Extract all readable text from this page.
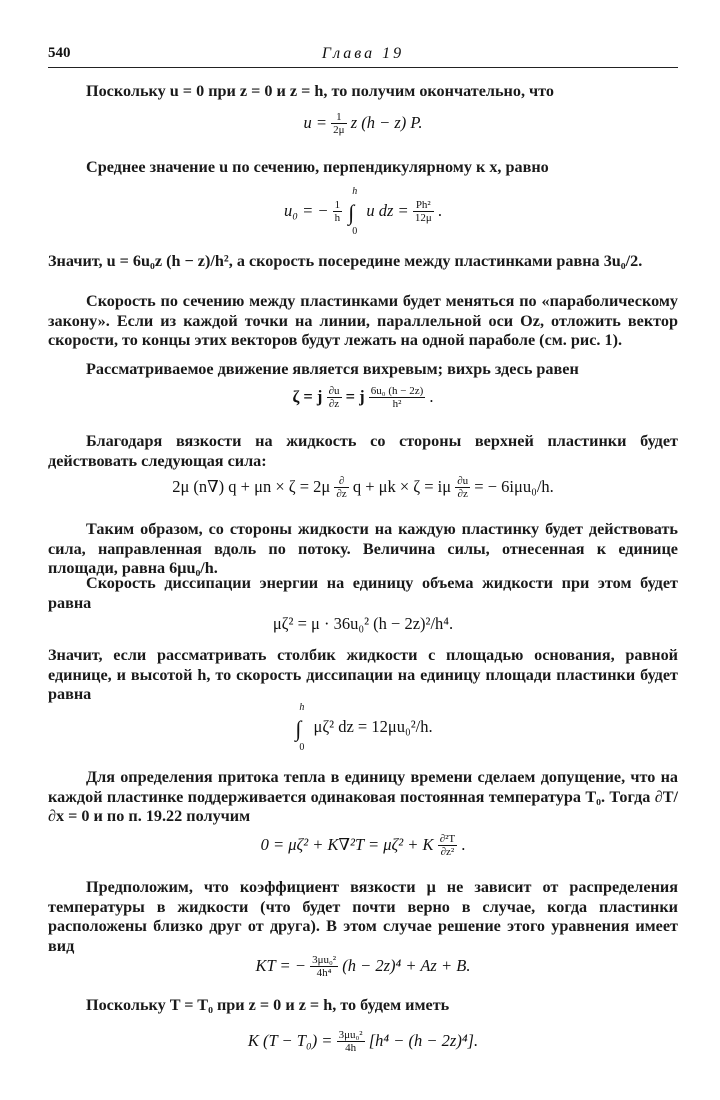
540	Глава 19
Поскольку u = 0 при z = 0 и z = h, то получим окончательно, что
$u = \frac{1}{2\mu}$ z (h − z) P.
Среднее значение u по сечению, перпендикулярному к x, равно
u₀ = − $\frac{1}{h}$

h
∫
0
u dz = $\frac{\text{Ph²}}{12\mu}$ .
Значит, u = 6u₀z (h − z)/h², а скорость посередине между пластинками равна 3u₀/2.
Скорость по сечению между пластинками будет меняться по «параболическому закону». Если из каждой точки на линии, параллельной оси Oz, отложить вектор скорости, то концы этих векторов будут лежать на одной параболе (см. рис. 1).
Рассматриваемое движение является вихревым; вихрь здесь равен
ζ = j $\frac{\partial u}{\partial z} = j \frac{\text{6u₀ (h − 2z)}}{\text{h²}}$ .
Благодаря вязкости на жидкость со стороны верхней пластинки будет действовать следующая сила:
2μ (n∇) $q + \mu n \times \zeta = 2\mu \frac{\partial}{\partial z}$ q + μk × ζ = iμ $\frac{\partial u}{\partial z}$ = − 6iμu₀/h.
Таким образом, со стороны жидкости на каждую пластинку будет действовать сила, направленная вдоль по потоку. Величина силы, отнесенная к единице площади, равна 6μu₀/h.
Скорость диссипации энергии на единицу объема жидкости при этом будет равна
μζ² = μ · 36u₀² (h − 2z)²/h⁴.
Значит, если рассматривать столбик жидкости с площадью основания, равной единице, и высотой h, то скорость диссипации на единицу площади пластинки будет равна
h
∫
0
μζ² dz = 12μu₀²/h.
Для определения притока тепла в единицу времени сделаем допущение, что на каждой пластинке поддерживается одинаковая постоянная температура T₀. Тогда ∂T/∂x = 0 и по п. 19.22 получим
0 = μζ² + K∇²T = μζ² + K $\frac{\text{∂²T}}{\text{∂z²}}$ .
Предположим, что коэффициент вязкости μ не зависит от распределения температуры в жидкости (что будет почти верно в случае, когда пластинки расположены близко друг от друга). В этом случае решение этого уравнения имеет вид
KT = − $\frac{\text{3μu₀²}}{\text{4h⁴}} (h - 2z)^4 + Az + B$.
Поскольку T = T₀ при z = 0 и z = h, то будем иметь
K $(T - T_0) = \frac{\text{3μu₀²}}{4h} [h^4 - (h - 2z)^4]$.
